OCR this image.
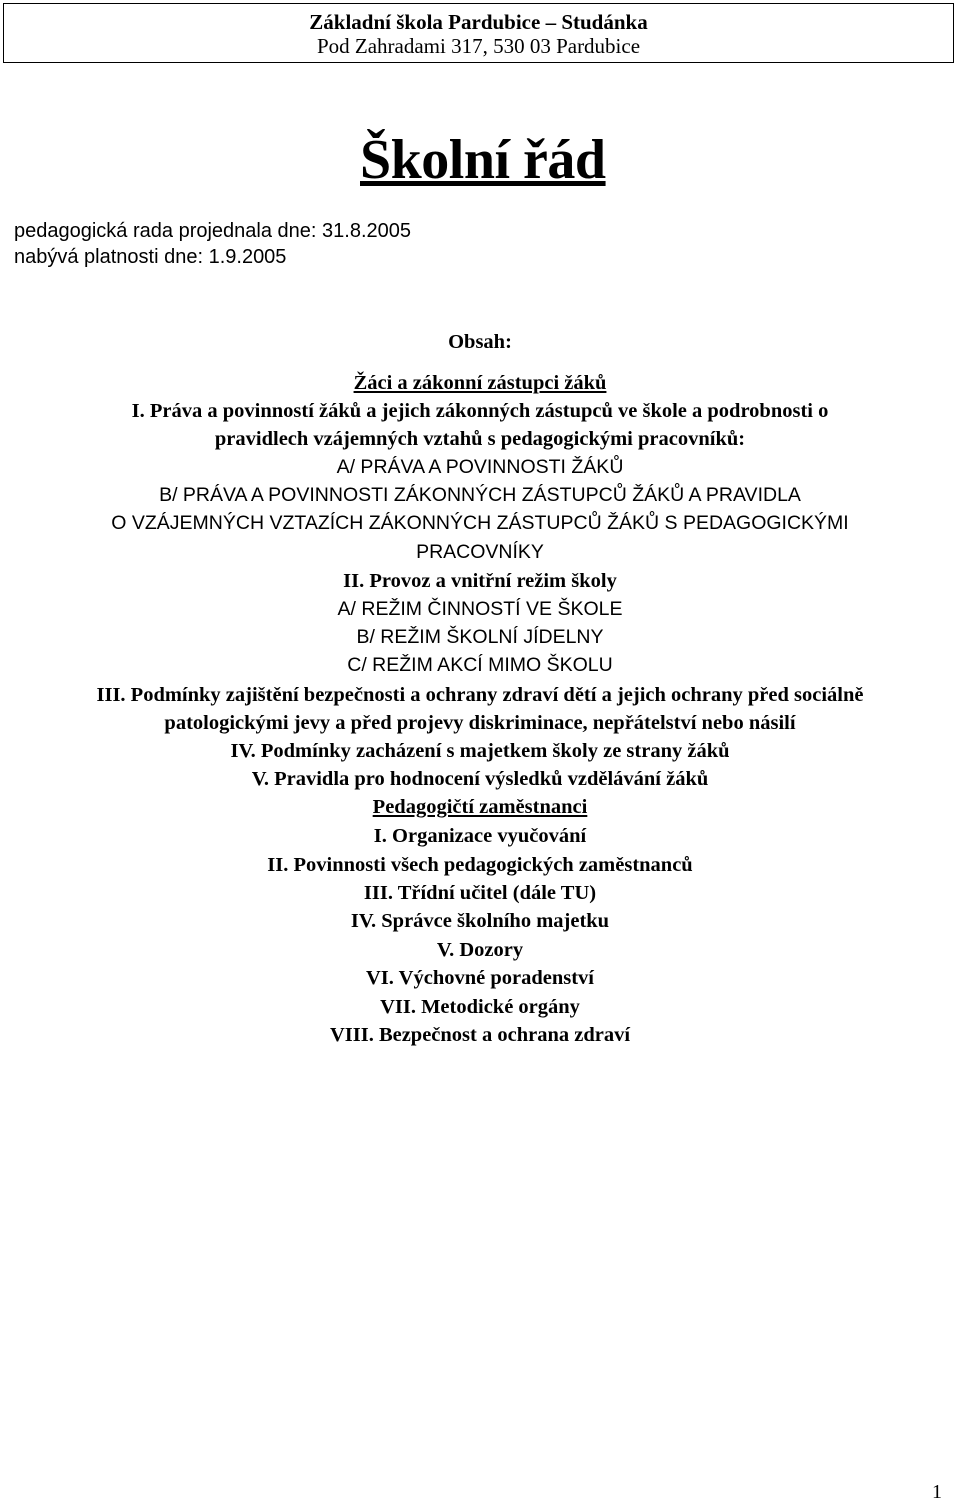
Základní škola Pardubice – Studánka
Pod Zahradami 317, 530 03 Pardubice
Školní řád
pedagogická rada projednala dne: 31.8.2005
nabývá platnosti dne: 1.9.2005
Obsah:
Žáci a zákonní zástupci žáků
I. Práva a povinností žáků a jejich zákonných zástupců ve škole a podrobnosti o
pravidlech vzájemných vztahů s pedagogickými pracovníků:
A/ PRÁVA A POVINNOSTI ŽÁKŮ
B/ PRÁVA A POVINNOSTI ZÁKONNÝCH ZÁSTUPCŮ ŽÁKŮ A PRAVIDLA
O VZÁJEMNÝCH VZTAZÍCH ZÁKONNÝCH ZÁSTUPCŮ ŽÁKŮ S PEDAGOGICKÝMI
PRACOVNÍKY
II. Provoz a vnitřní režim školy
A/ REŽIM ČINNOSTÍ VE ŠKOLE
B/ REŽIM ŠKOLNÍ JÍDELNY
C/ REŽIM AKCÍ MIMO ŠKOLU
III. Podmínky zajištění bezpečnosti a ochrany zdraví dětí a jejich ochrany před sociálně
patologickými jevy a před projevy diskriminace, nepřátelství nebo násilí
IV. Podmínky zacházení s majetkem školy ze strany žáků
V. Pravidla pro hodnocení výsledků vzdělávání žáků
Pedagogičtí zaměstnanci
I. Organizace vyučování
II. Povinnosti všech pedagogických zaměstnanců
III. Třídní učitel (dále TU)
IV. Správce školního majetku
V. Dozory
VI. Výchovné poradenství
VII. Metodické orgány
VIII. Bezpečnost a ochrana zdraví
1
